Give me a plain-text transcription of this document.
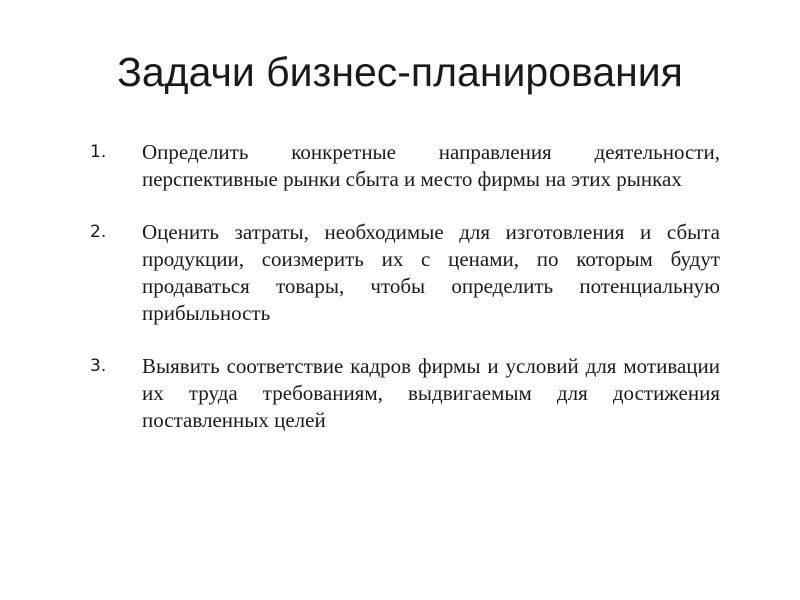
Задачи бизнес-планирования
1.	Определить конкретные направления деятельности, перспективные рынки сбыта и место фирмы на этих рынках
2.	Оценить затраты, необходимые для изготовления и сбыта продукции, соизмерить их с ценами, по которым будут продаваться товары, чтобы определить потенциальную прибыльность
3.	Выявить соответствие кадров фирмы и условий для мотивации их труда требованиям, выдвигаемым для достижения поставленных целей
